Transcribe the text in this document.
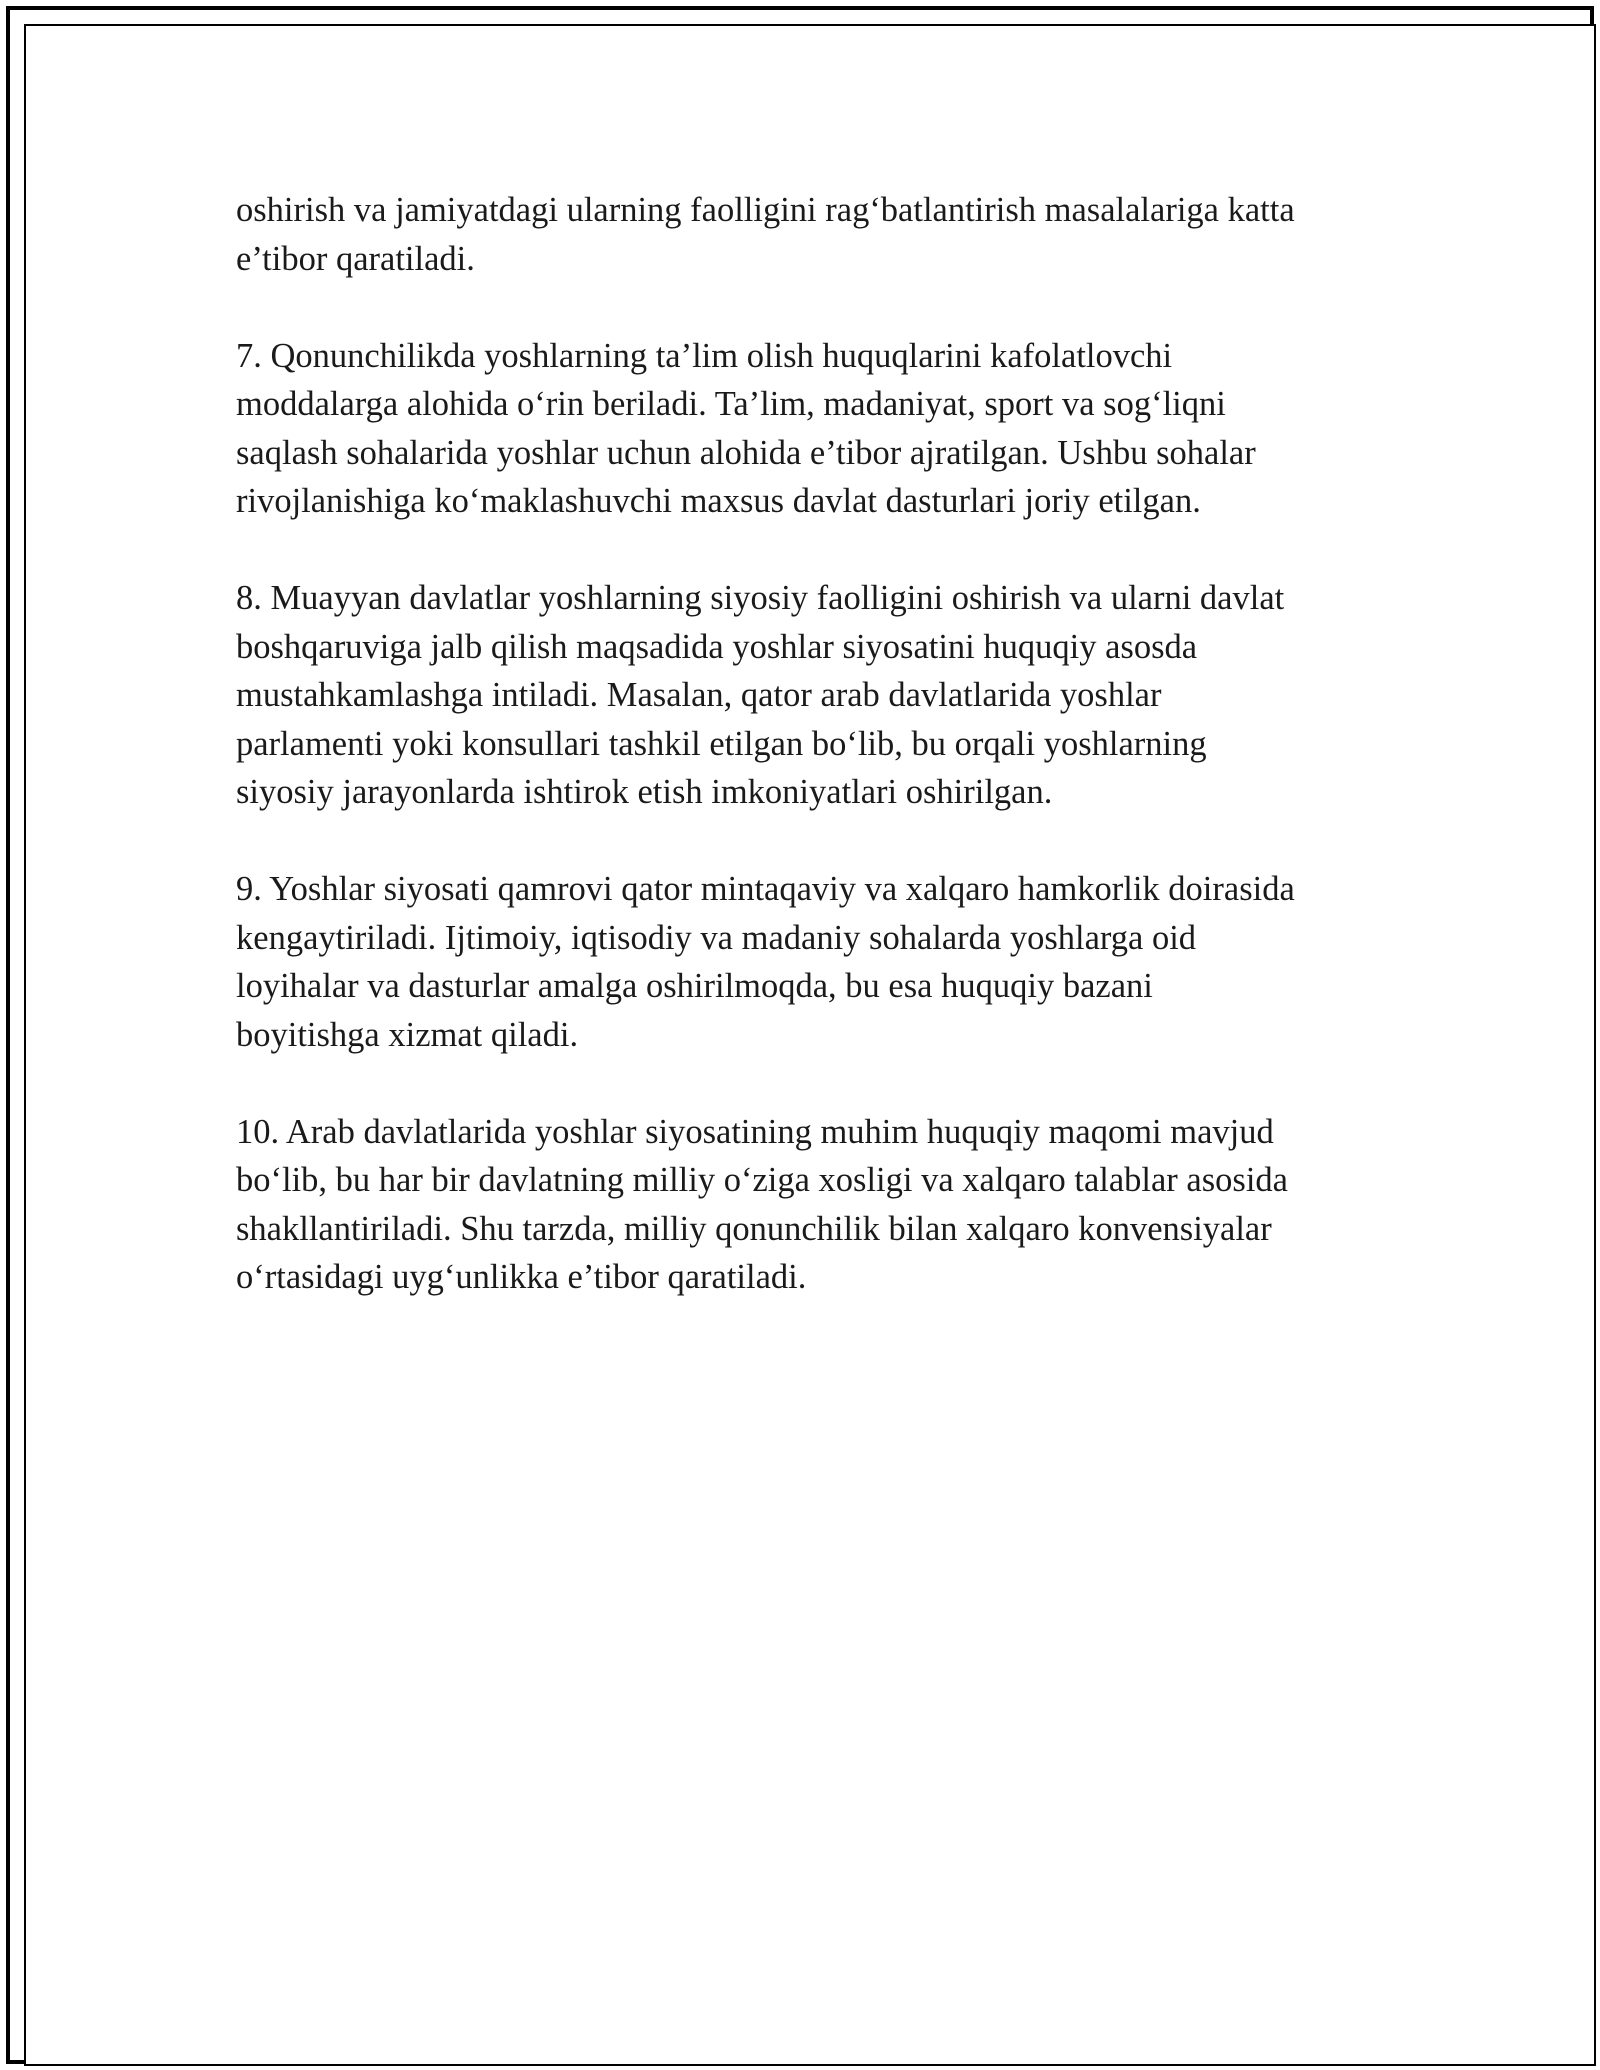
oshirish va jamiyatdagi ularning faolligini rag‘batlantirish masalalariga katta
e’tibor qaratiladi.

7. Qonunchilikda yoshlarning ta’lim olish huquqlarini kafolatlovchi
moddalarga alohida o‘rin beriladi. Ta’lim, madaniyat, sport va sog‘liqni
saqlash sohalarida yoshlar uchun alohida e’tibor ajratilgan. Ushbu sohalar
rivojlanishiga ko‘maklashuvchi maxsus davlat dasturlari joriy etilgan.

8. Muayyan davlatlar yoshlarning siyosiy faolligini oshirish va ularni davlat
boshqaruviga jalb qilish maqsadida yoshlar siyosatini huquqiy asosda
mustahkamlashga intiladi. Masalan, qator arab davlatlarida yoshlar
parlamenti yoki konsullari tashkil etilgan bo‘lib, bu orqali yoshlarning
siyosiy jarayonlarda ishtirok etish imkoniyatlari oshirilgan.

9. Yoshlar siyosati qamrovi qator mintaqaviy va xalqaro hamkorlik doirasida
kengaytiriladi. Ijtimoiy, iqtisodiy va madaniy sohalarda yoshlarga oid
loyihalar va dasturlar amalga oshirilmoqda, bu esa huquqiy bazani
boyitishga xizmat qiladi.

10. Arab davlatlarida yoshlar siyosatining muhim huquqiy maqomi mavjud
bo‘lib, bu har bir davlatning milliy o‘ziga xosligi va xalqaro talablar asosida
shakllantiriladi. Shu tarzda, milliy qonunchilik bilan xalqaro konvensiyalar
o‘rtasidagi uyg‘unlikka e’tibor qaratiladi.
